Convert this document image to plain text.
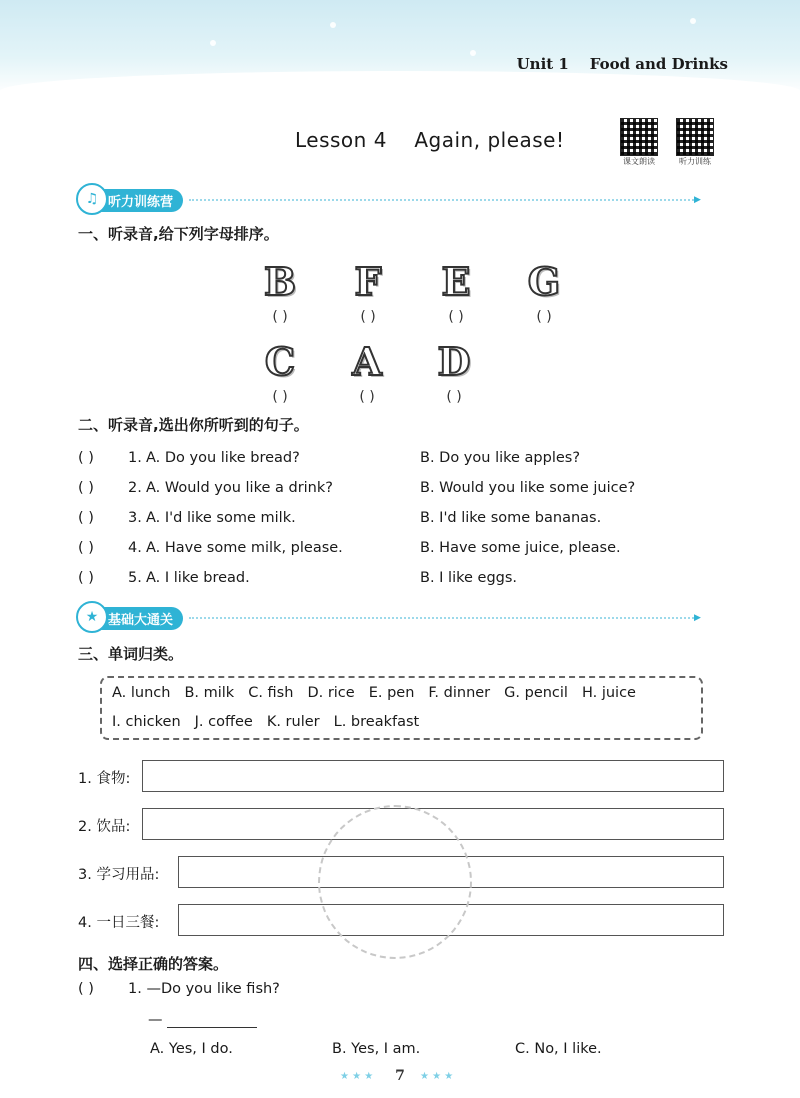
Unit 1    Food and Drinks
Lesson 4    Again, please!
课文朗读	听力训练
♫ 听力训练营	▶
一、听录音,给下列字母排序。
B
( )
F
( )
E
( )
G
( )
C
( )
A
( )
D
( )
二、听录音,选出你所听到的句子。
( )	1. A. Do you like bread?	B. Do you like apples?
( )	2. A. Would you like a drink?	B. Would you like some juice?
( )	3. A. I'd like some milk.	B. I'd like some bananas.
( )	4. A. Have some milk, please.	B. Have some juice, please.
( )	5. A. I like bread.	B. I like eggs.
★ 基础大通关	▶
三、单词归类。
A. lunch B. milk C. fish D. rice E. pen F. dinner G. pencil H. juice
I. chicken J. coffee K. ruler L. breakfast
1. 食物:
2. 饮品:
3. 学习用品:
4. 一日三餐:
四、选择正确的答案。
( )	1. —Do you like fish?
—
A. Yes, I do.	B. Yes, I am.	C. No, I like.
★ ★ ★	7	★ ★ ★
